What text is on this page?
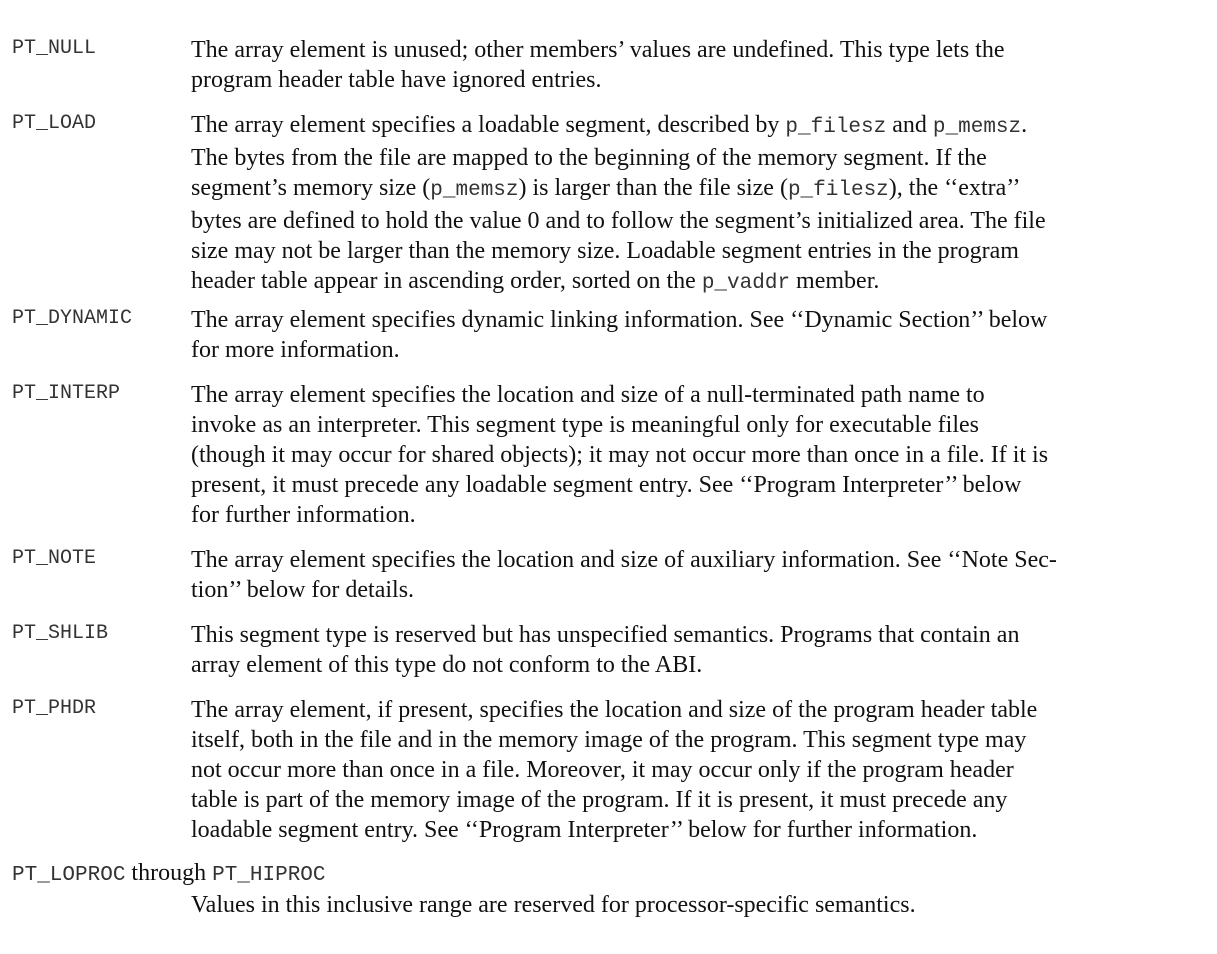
PT_NULL	The array element is unused; other members’ values are undefined. This type lets the
program header table have ignored entries.
PT_LOAD	The array element specifies a loadable segment, described by p_filesz and p_memsz.
The bytes from the file are mapped to the beginning of the memory segment. If the
segment’s memory size (p_memsz) is larger than the file size (p_filesz), the ‘‘extra’’
bytes are defined to hold the value 0 and to follow the segment’s initialized area. The file
size may not be larger than the memory size. Loadable segment entries in the program
header table appear in ascending order, sorted on the p_vaddr member.
PT_DYNAMIC The array element specifies dynamic linking information. See ‘‘Dynamic Section’’ below
for more information.
PT_INTERP	The array element specifies the location and size of a null-terminated path name to
invoke as an interpreter. This segment type is meaningful only for executable files
(though it may occur for shared objects); it may not occur more than once in a file. If it is
present, it must precede any loadable segment entry. See ‘‘Program Interpreter’’ below
for further information.
PT_NOTE	The array element specifies the location and size of auxiliary information. See ‘‘Note Sec-
tion’’ below for details.
PT_SHLIB	This segment type is reserved but has unspecified semantics. Programs that contain an
array element of this type do not conform to the ABI.
PT_PHDR	The array element, if present, specifies the location and size of the program header table
itself, both in the file and in the memory image of the program. This segment type may
not occur more than once in a file. Moreover, it may occur only if the program header
table is part of the memory image of the program. If it is present, it must precede any
loadable segment entry. See ‘‘Program Interpreter’’ below for further information.
PT_LOPROC through PT_HIPROC
Values in this inclusive range are reserved for processor-specific semantics.
